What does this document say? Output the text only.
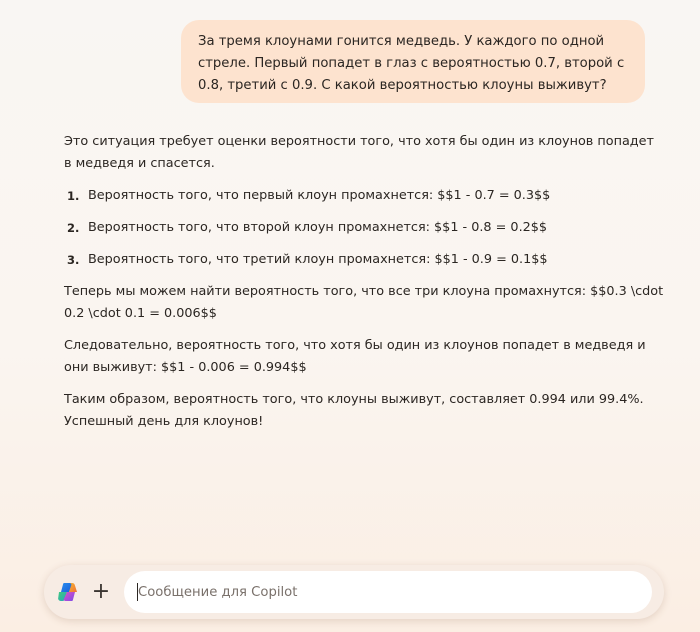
За тремя клоунами гонится медведь. У каждого по одной стреле. Первый попадет в глаз с вероятностью 0.7, второй с 0.8, третий с 0.9. С какой вероятностью клоуны выживут?

Это ситуация требует оценки вероятности того, что хотя бы один из клоунов попадет в медведя и спасется.

1. Вероятность того, что первый клоун промахнется: $$1 - 0.7 = 0.3$$
2. Вероятность того, что второй клоун промахнется: $$1 - 0.8 = 0.2$$
3. Вероятность того, что третий клоун промахнется: $$1 - 0.9 = 0.1$$

Теперь мы можем найти вероятность того, что все три клоуна промахнутся: $$0.3 \cdot 0.2 \cdot 0.1 = 0.006$$

Следовательно, вероятность того, что хотя бы один из клоунов попадет в медведя и они выживут: $$1 - 0.006 = 0.994$$

Таким образом, вероятность того, что клоуны выживут, составляет 0.994 или 99.4%. Успешный день для клоунов!

+
Сообщение для Copilot
